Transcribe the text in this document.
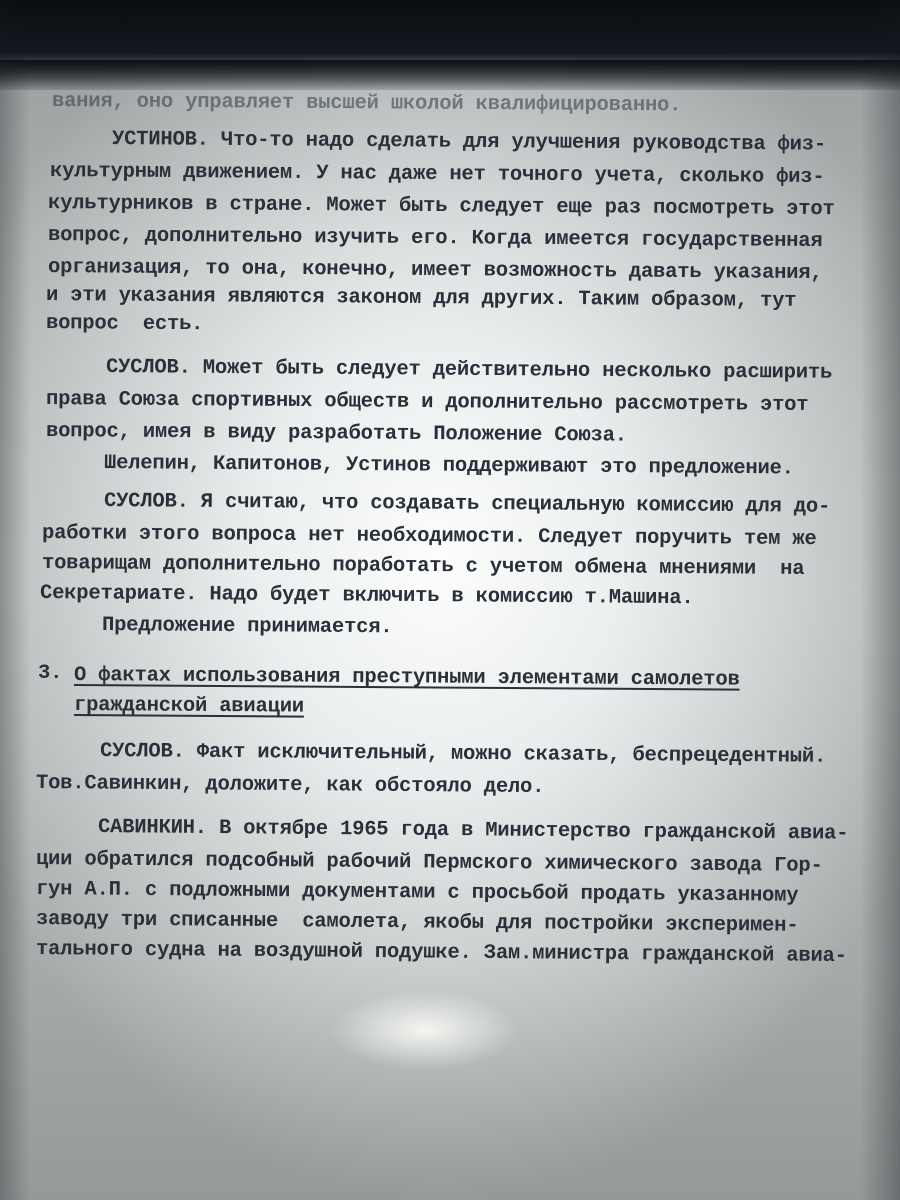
вания, оно управляет высшей школой квалифицированно.
УСТИНОВ. Что-то надо сделать для улучшения руководства физ-
культурным движением. У нас даже нет точного учета, сколько физ-
культурников в стране. Может быть следует еще раз посмотреть этот
вопрос, дополнительно изучить его. Когда имеется государственная
организация, то она, конечно, имеет возможность давать указания,
и эти указания являются законом для других. Таким образом, тут
вопрос  есть.
СУСЛОВ. Может быть следует действительно несколько расширить
права Союза спортивных обществ и дополнительно рассмотреть этот
вопрос, имея в виду разработать Положение Союза.
Шелепин, Капитонов, Устинов поддерживают это предложение.
СУСЛОВ. Я считаю, что создавать специальную комиссию для до-
работки этого вопроса нет необходимости. Следует поручить тем же
товарищам дополнительно поработать с учетом обмена мнениями  на
Секретариате. Надо будет включить в комиссию т.Машина.
Предложение принимается.
3. О фактах использования преступными элементами самолетов
гражданской авиации
СУСЛОВ. Факт исключительный, можно сказать, беспрецедентный.
Тов.Савинкин, доложите, как обстояло дело.
САВИНКИН. В октябре 1965 года в Министерство гражданской авиа-
ции обратился подсобный рабочий Пермского химического завода Гор-
гун А.П. с подложными документами с просьбой продать указанному
заводу три списанные  самолета, якобы для постройки эксперимен-
тального судна на воздушной подушке. Зам.министра гражданской авиа-
